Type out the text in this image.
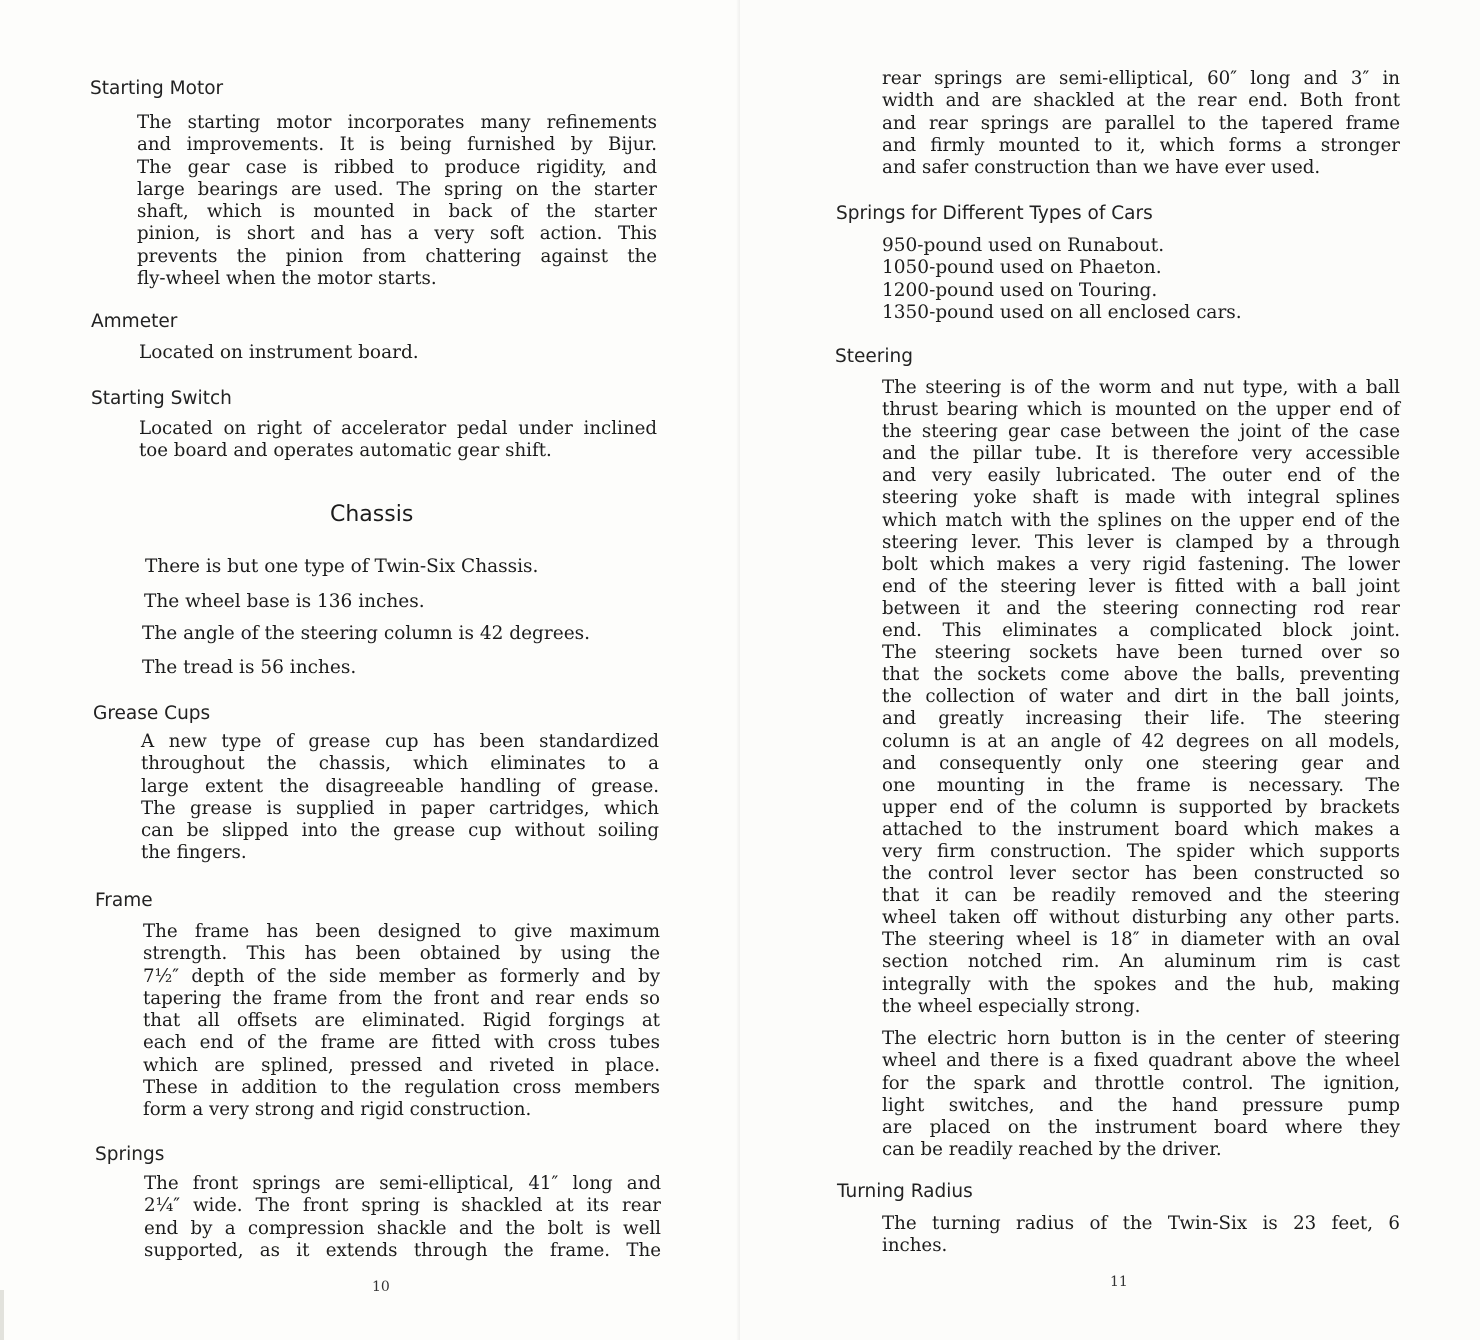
Starting Motor
The starting motor incorporates many refinements
and improvements. It is being furnished by Bijur.
The gear case is ribbed to produce rigidity, and
large bearings are used. The spring on the starter
shaft, which is mounted in back of the starter
pinion, is short and has a very soft action. This
prevents the pinion from chattering against the
fly-wheel when the motor starts.
Ammeter
Located on instrument board.
Starting Switch
Located on right of accelerator pedal under inclined
toe board and operates automatic gear shift.
Chassis
There is but one type of Twin-Six Chassis.
The wheel base is 136 inches.
The angle of the steering column is 42 degrees.
The tread is 56 inches.
Grease Cups
A new type of grease cup has been standardized
throughout the chassis, which eliminates to a
large extent the disagreeable handling of grease.
The grease is supplied in paper cartridges, which
can be slipped into the grease cup without soiling
the fingers.
Frame
The frame has been designed to give maximum
strength. This has been obtained by using the
7½″ depth of the side member as formerly and by
tapering the frame from the front and rear ends so
that all offsets are eliminated. Rigid forgings at
each end of the frame are fitted with cross tubes
which are splined, pressed and riveted in place.
These in addition to the regulation cross members
form a very strong and rigid construction.
Springs
The front springs are semi-elliptical, 41″ long and
2¼″ wide. The front spring is shackled at its rear
end by a compression shackle and the bolt is well
supported, as it extends through the frame. The
10
rear springs are semi-elliptical, 60″ long and 3″ in
width and are shackled at the rear end. Both front
and rear springs are parallel to the tapered frame
and firmly mounted to it, which forms a stronger
and safer construction than we have ever used.
Springs for Different Types of Cars
950-pound used on Runabout.
1050-pound used on Phaeton.
1200-pound used on Touring.
1350-pound used on all enclosed cars.
Steering
The steering is of the worm and nut type, with a ball
thrust bearing which is mounted on the upper end of
the steering gear case between the joint of the case
and the pillar tube. It is therefore very accessible
and very easily lubricated. The outer end of the
steering yoke shaft is made with integral splines
which match with the splines on the upper end of the
steering lever. This lever is clamped by a through
bolt which makes a very rigid fastening. The lower
end of the steering lever is fitted with a ball joint
between it and the steering connecting rod rear
end. This eliminates a complicated block joint.
The steering sockets have been turned over so
that the sockets come above the balls, preventing
the collection of water and dirt in the ball joints,
and greatly increasing their life. The steering
column is at an angle of 42 degrees on all models,
and consequently only one steering gear and
one mounting in the frame is necessary. The
upper end of the column is supported by brackets
attached to the instrument board which makes a
very firm construction. The spider which supports
the control lever sector has been constructed so
that it can be readily removed and the steering
wheel taken off without disturbing any other parts.
The steering wheel is 18″ in diameter with an oval
section notched rim. An aluminum rim is cast
integrally with the spokes and the hub, making
the wheel especially strong.
The electric horn button is in the center of steering
wheel and there is a fixed quadrant above the wheel
for the spark and throttle control. The ignition,
light switches, and the hand pressure pump
are placed on the instrument board where they
can be readily reached by the driver.
Turning Radius
The turning radius of the Twin-Six is 23 feet, 6
inches.
11
